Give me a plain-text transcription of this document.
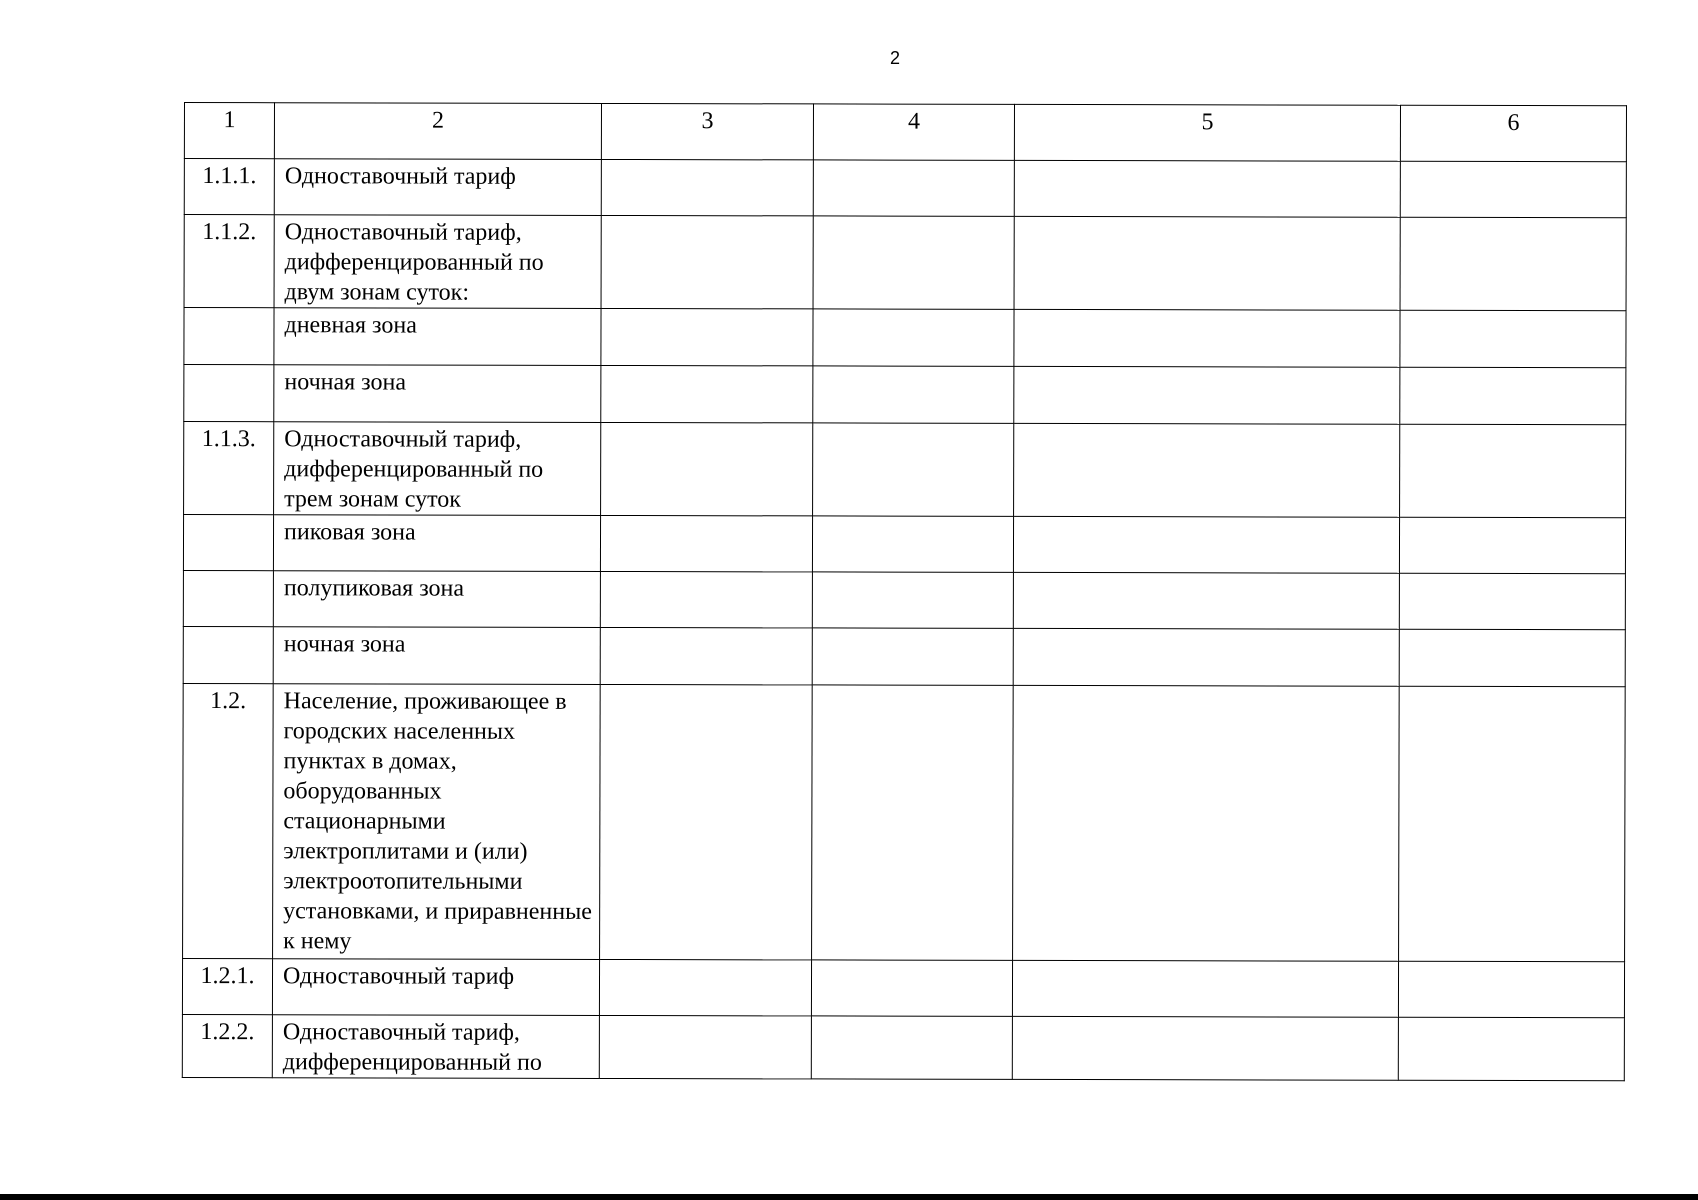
2
1	2	3	4	5	6
1.1.1.	Одноставочный тариф				
1.1.2.	Одноставочный тариф, дифференцированный по двум зонам суток:				
	дневная зона				
	ночная зона				
1.1.3.	Одноставочный тариф, дифференцированный по трем зонам суток				
	пиковая зона				
	полупиковая зона				
	ночная зона				
1.2.	Население, проживающее в городских населенных пунктах в домах, оборудованных стационарными электроплитами и (или) электроотопительными установками, и приравненные к нему				
1.2.1.	Одноставочный тариф				
1.2.2.	Одноставочный тариф, дифференцированный по				
